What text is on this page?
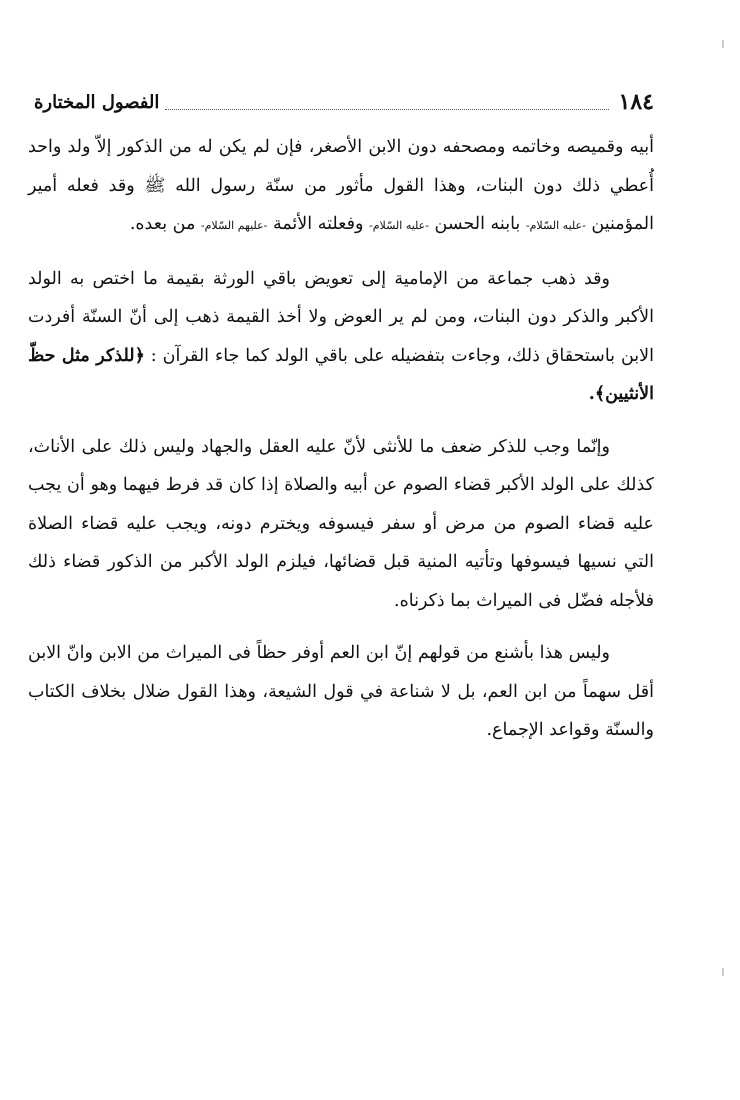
١٨٤
الفصول المختارة

أبيه وقميصه وخاتمه ومصحفه دون الابن الأصغر، فإن لم يكن له من الذكور إلاّ ولد واحد أُعطي ذلك دون البنات، وهذا القول مأثور من سنّة رسول الله ﷺ وقد فعله أمير المؤمنين -عليه السّلام- بابنه الحسن -عليه السّلام- وفعلته الأئمة -عليهم السّلام- من بعده.

وقد ذهب جماعة من الإمامية إلى تعويض باقي الورثة بقيمة ما اختص به الولد الأكبر والذكر دون البنات، ومن لم ير العوض ولا أخذ القيمة ذهب إلى أنّ السنّة أفردت الابن باستحقاق ذلك، وجاءت بتفضيله على باقي الولد كما جاء القرآن : ﴿للذكر مثل حظّ الأنثيين﴾.

وإنّما وجب للذكر ضعف ما للأنثى لأنّ عليه العقل والجهاد وليس ذلك على الأناث، كذلك على الولد الأكبر قضاء الصوم عن أبيه والصلاة إذا كان قد فرط فيهما وهو أن يجب عليه قضاء الصوم من مرض أو سفر فيسوفه ويخترم دونه، ويجب عليه قضاء الصلاة التي نسيها فيسوفها وتأتيه المنية قبل قضائها، فيلزم الولد الأكبر من الذكور قضاء ذلك فلأجله فضّل فى الميراث بما ذكرناه.

وليس هذا بأشنع من قولهم إنّ ابن العم أوفر حظاً فى الميراث من الابن وانّ الابن أقل سهماً من ابن العم، بل لا شناعة في قول الشيعة، وهذا القول ضلال بخلاف الكتاب والسنّة وقواعد الإجماع.
